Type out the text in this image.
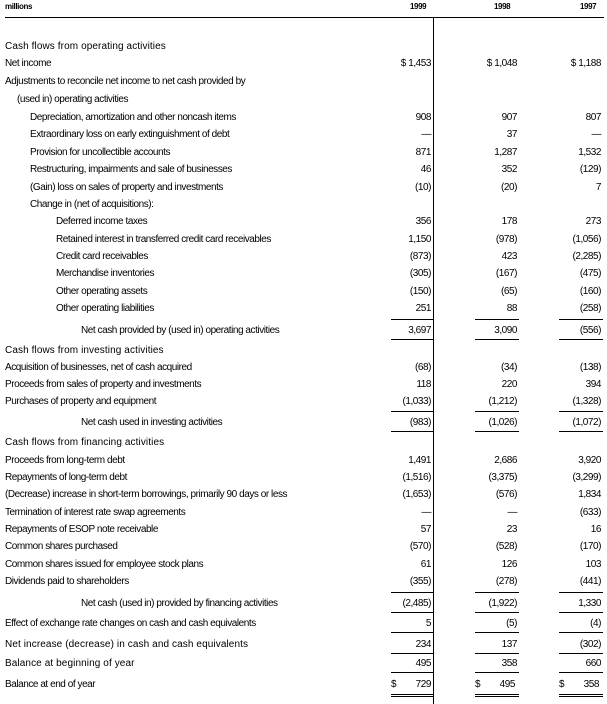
millions	1999	1998	1997
Cash flows from operating activities
Net income	$ 1,453	$ 1,048	$ 1,188
Adjustments to reconcile net income to net cash provided by
(used in) operating activities
Depreciation, amortization and other noncash items	908	907	807
Extraordinary loss on early extinguishment of debt	—	37	—
Provision for uncollectible accounts	871	1,287	1,532
Restructuring, impairments and sale of businesses	46	352	(129)
(Gain) loss on sales of property and investments	(10)	(20)	7
Change in (net of acquisitions):
Deferred income taxes	356	178	273
Retained interest in transferred credit card receivables	1,150	(978)	(1,056)
Credit card receivables	(873)	423	(2,285)
Merchandise inventories	(305)	(167)	(475)
Other operating assets	(150)	(65)	(160)
Other operating liabilities	251	88	(258)
Net cash provided by (used in) operating activities	3,697	3,090	(556)
Cash flows from investing activities
Acquisition of businesses, net of cash acquired	(68)	(34)	(138)
Proceeds from sales of property and investments	118	220	394
Purchases of property and equipment	(1,033)	(1,212)	(1,328)
Net cash used in investing activities	(983)	(1,026)	(1,072)
Cash flows from financing activities
Proceeds from long-term debt	1,491	2,686	3,920
Repayments of long-term debt	(1,516)	(3,375)	(3,299)
(Decrease) increase in short-term borrowings, primarily 90 days or less	(1,653)	(576)	1,834
Termination of interest rate swap agreements	—	—	(633)
Repayments of ESOP note receivable	57	23	16
Common shares purchased	(570)	(528)	(170)
Common shares issued for employee stock plans	61	126	103
Dividends paid to shareholders	(355)	(278)	(441)
Net cash (used in) provided by financing activities	(2,485)	(1,922)	1,330
Effect of exchange rate changes on cash and cash equivalents	5	(5)	(4)
Net increase (decrease) in cash and cash equivalents	234	137	(302)
Balance at beginning of year	495	358	660
Balance at end of year	$ 729	$ 495	$ 358
